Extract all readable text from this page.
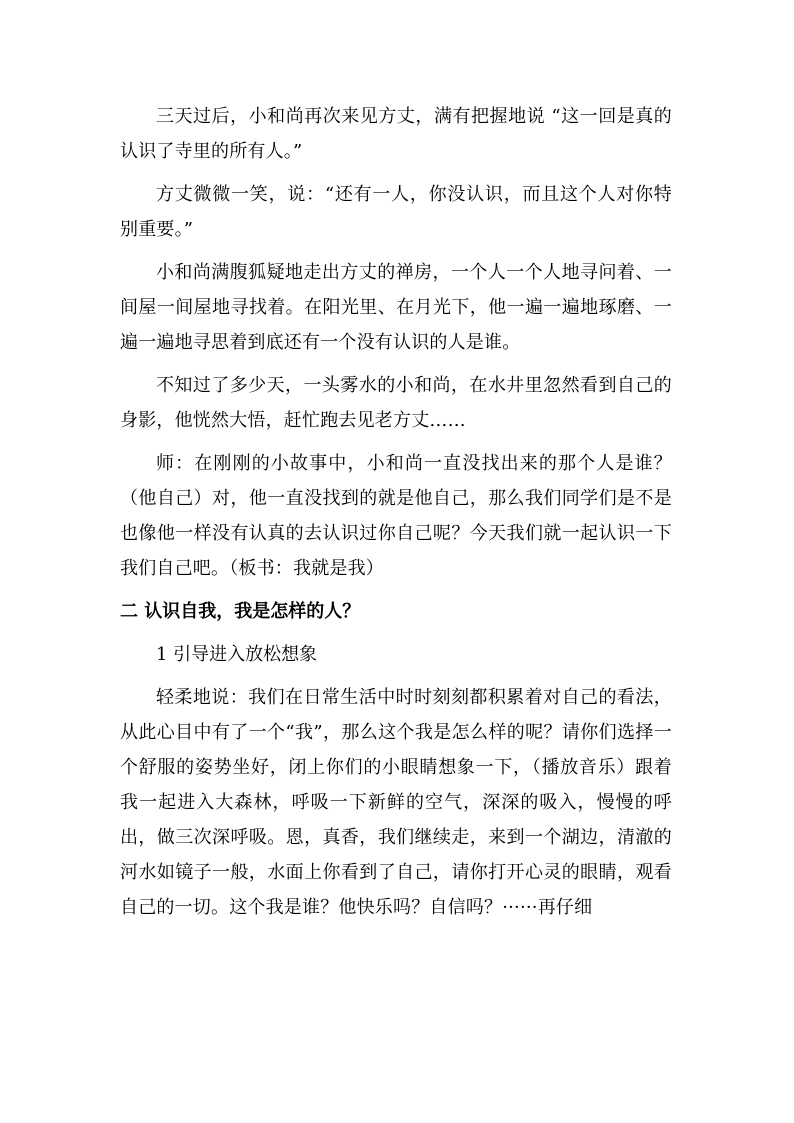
三天过后，小和尚再次来见方丈，满有把握地说 “这一回是真的认识了寺里的所有人。”

方丈微微一笑，说：“还有一人，你没认识，而且这个人对你特别重要。”

小和尚满腹狐疑地走出方丈的禅房，一个人一个人地寻问着、一间屋一间屋地寻找着。在阳光里、在月光下，他一遍一遍地琢磨、一遍一遍地寻思着到底还有一个没有认识的人是谁。

不知过了多少天，一头雾水的小和尚，在水井里忽然看到自己的身影，他恍然大悟，赶忙跑去见老方丈……

师：在刚刚的小故事中，小和尚一直没找出来的那个人是谁？（他自己）对，他一直没找到的就是他自己，那么我们同学们是不是也像他一样没有认真的去认识过你自己呢？今天我们就一起认识一下我们自己吧。（板书：我就是我）

二 认识自我，我是怎样的人？

1 引导进入放松想象

轻柔地说：我们在日常生活中时时刻刻都积累着对自己的看法，从此心目中有了一个“我”，那么这个我是怎么样的呢？请你们选择一个舒服的姿势坐好，闭上你们的小眼睛想象一下，（播放音乐）跟着我一起进入大森林，呼吸一下新鲜的空气，深深的吸入，慢慢的呼出，做三次深呼吸。恩，真香，我们继续走，来到一个湖边，清澈的河水如镜子一般，水面上你看到了自己，请你打开心灵的眼睛，观看自己的一切。这个我是谁？他快乐吗？自信吗？······再仔细
